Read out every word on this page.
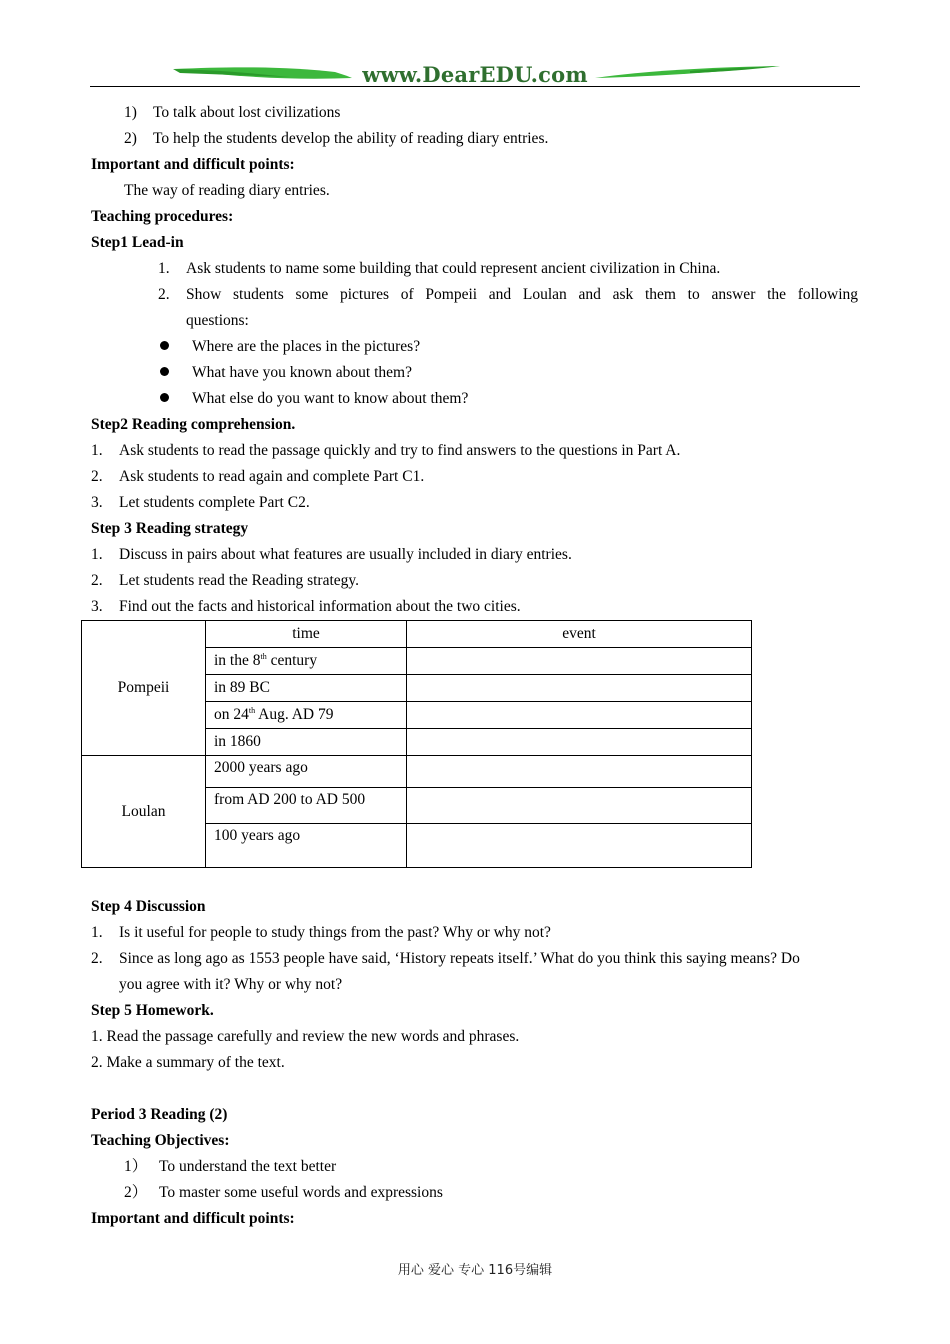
www.DearEDU.com
1) To talk about lost civilizations
2) To help the students develop the ability of reading diary entries.
Important and difficult points:
The way of reading diary entries.
Teaching procedures:
Step1 Lead-in
1. Ask students to name some building that could represent ancient civilization in China.
2. Show students some pictures of Pompeii and Loulan and ask them to answer the following
questions:
Where are the places in the pictures?
What have you known about them?
What else do you want to know about them?
Step2 Reading comprehension.
1. Ask students to read the passage quickly and try to find answers to the questions in Part A.
2. Ask students to read again and complete Part C1.
3. Let students complete Part C2.
Step 3 Reading strategy
1. Discuss in pairs about what features are usually included in diary entries.
2. Let students read the Reading strategy.
3. Find out the facts and historical information about the two cities.
Pompeii	time	event
	in the 8th century	
	in 89 BC	
	on 24th Aug. AD 79	
	in 1860	
Loulan	2000 years ago	
	from AD 200 to AD 500	
	100 years ago	
Step 4 Discussion
1. Is it useful for people to study things from the past? Why or why not?
2. Since as long ago as 1553 people have said, ‘History repeats itself.’ What do you think this saying means? Do
you agree with it? Why or why not?
Step 5 Homework.
1. Read the passage carefully and review the new words and phrases.
2. Make a summary of the text.
Period 3 Reading (2)
Teaching Objectives:
1） To understand the text better
2） To master some useful words and expressions
Important and difficult points:
用心 爱心 专心 116号编辑
